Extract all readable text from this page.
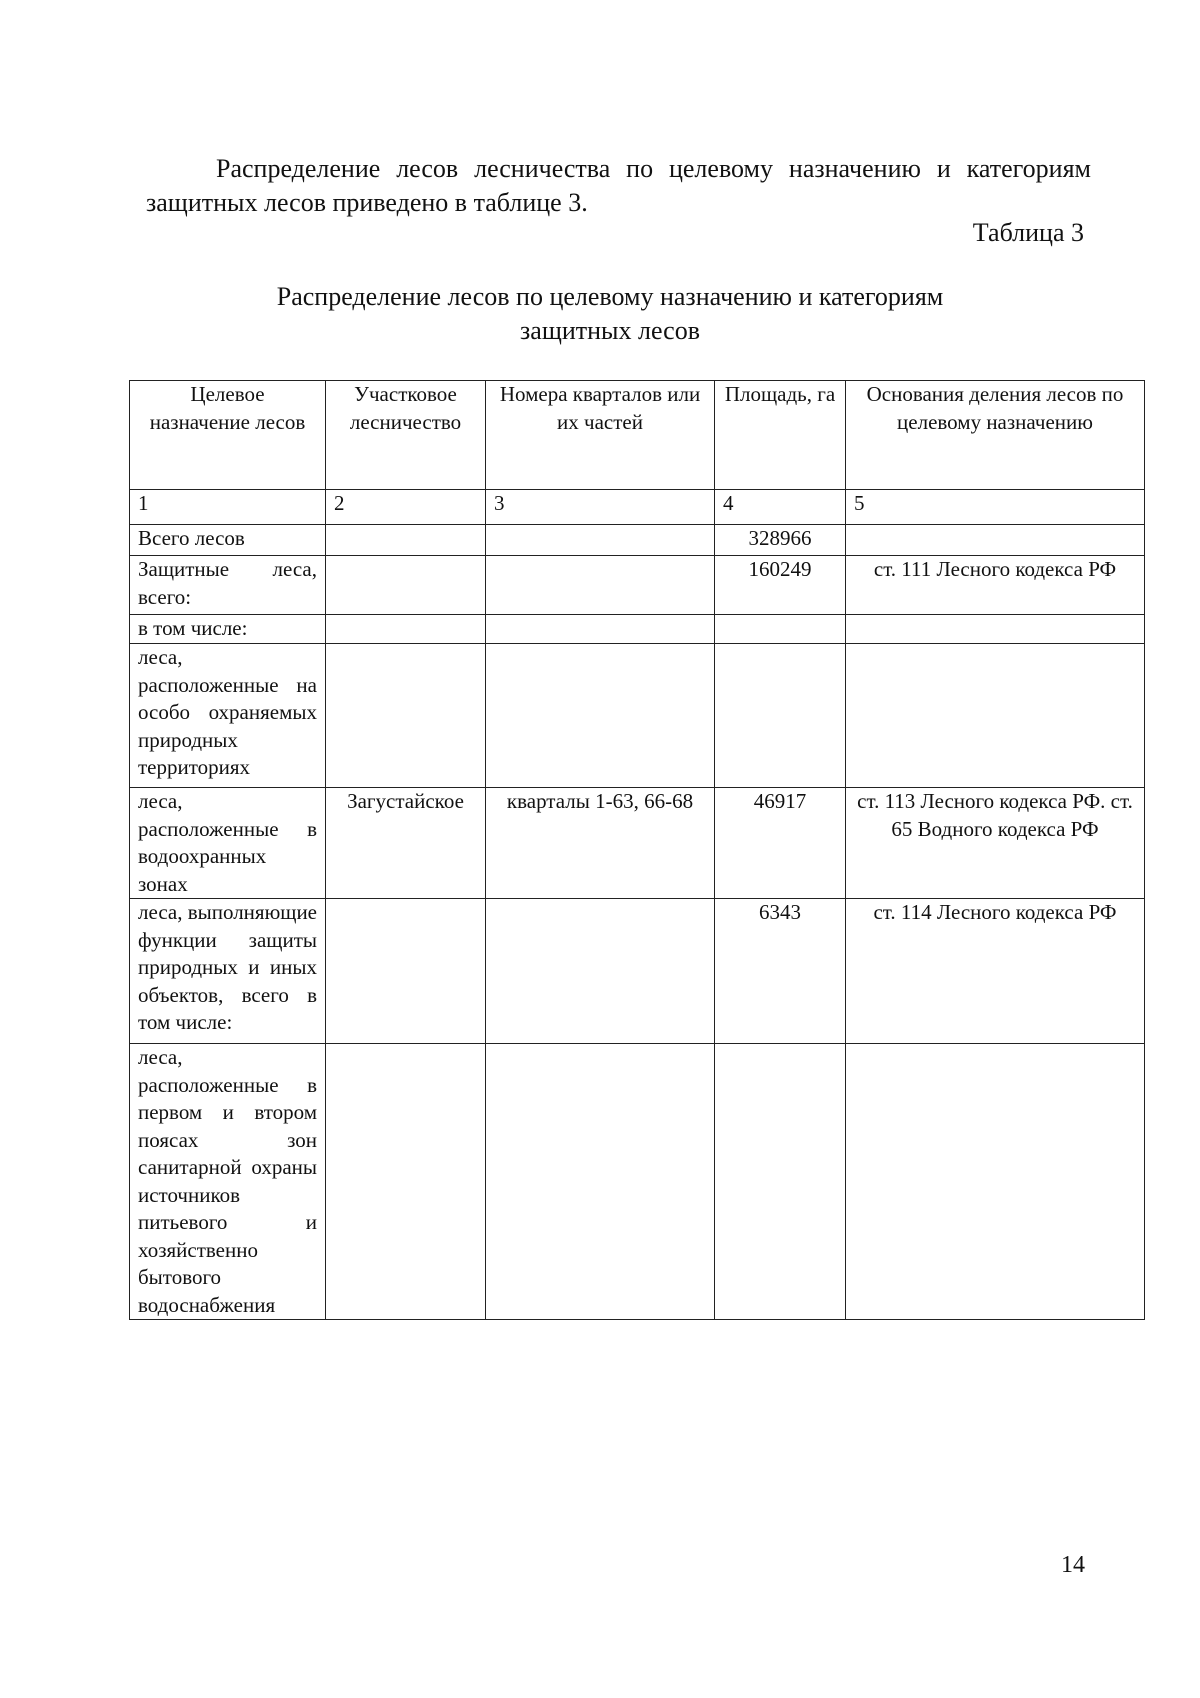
Распределение лесов лесничества по целевому назначению и категориям защитных лесов приведено в таблице 3.
Таблица 3
Распределение лесов по целевому назначению и категориям
защитных лесов
Целевое назначение лесов	Участковое лесничество	Номера кварталов или их частей	Площадь, га	Основания деления лесов по целевому назначению
1	2	3	4	5
Всего лесов			328966	
Защитные леса, всего:			160249	ст. 111 Лесного кодекса РФ
в том числе:				
леса, расположенные на особо охраняемых природных территориях				
леса, расположенные в водоохранных зонах	Загустайское	кварталы 1-63, 66-68	46917	ст. 113 Лесного кодекса РФ. ст. 65 Водного кодекса РФ
леса, выполняющие функции защиты природных и иных объектов, всего в том числе:			6343	ст. 114 Лесного кодекса РФ
леса, расположенные в первом и втором поясах зон санитарной охраны источников питьевого и хозяйственно бытового водоснабжения				
14
